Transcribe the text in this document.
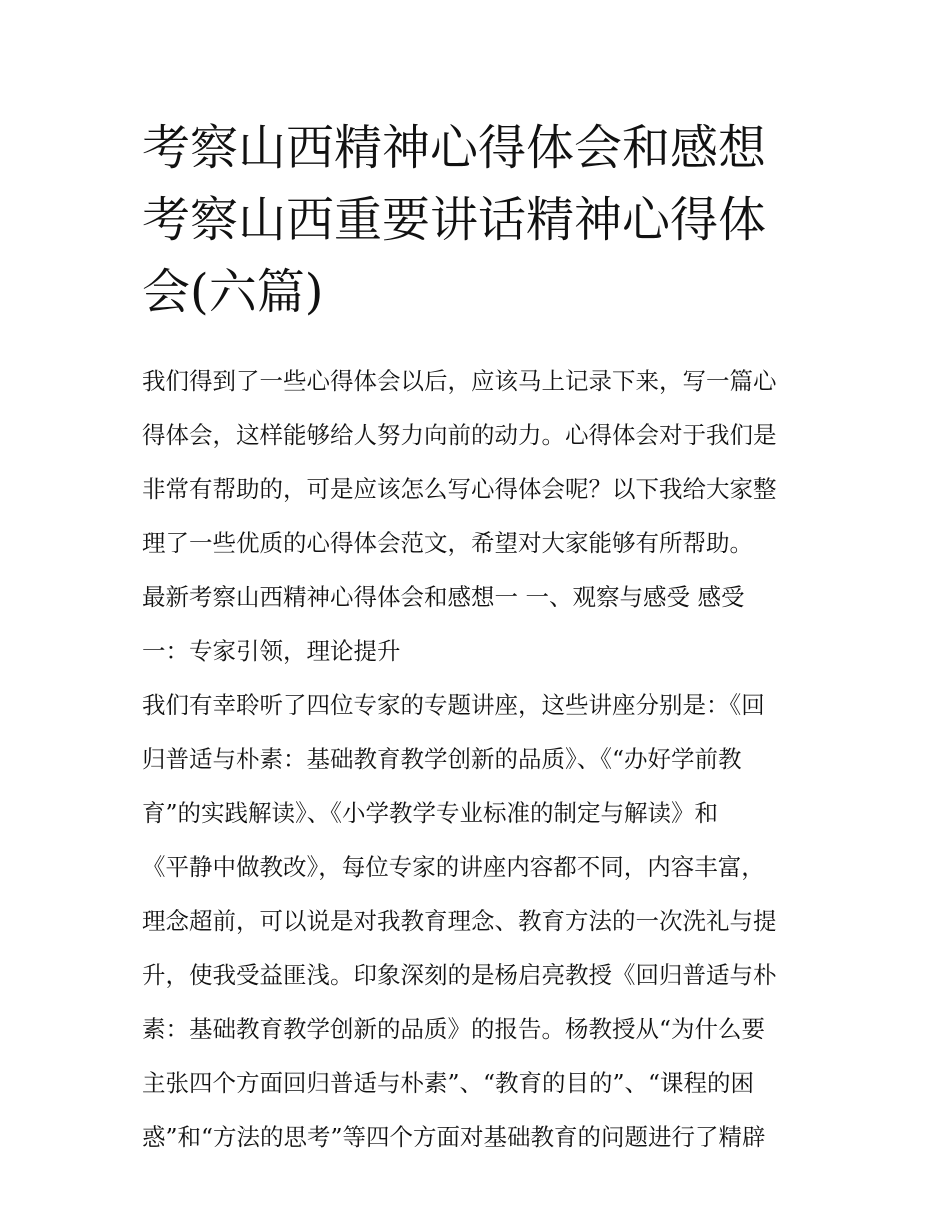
考察山西精神心得体会和感想
考察山西重要讲话精神心得体
会(六篇)
我们得到了一些心得体会以后，应该马上记录下来，写一篇心
得体会，这样能够给人努力向前的动力。心得体会对于我们是
非常有帮助的，可是应该怎么写心得体会呢？以下我给大家整
理了一些优质的心得体会范文，希望对大家能够有所帮助。
最新考察山西精神心得体会和感想一 一、观察与感受 感受
一：专家引领，理论提升
我们有幸聆听了四位专家的专题讲座，这些讲座分别是：《回
归普适与朴素：基础教育教学创新的品质》、《“办好学前教
育”的实践解读》、《小学教学专业标准的制定与解读》和
《平静中做教改》，每位专家的讲座内容都不同，内容丰富，
理念超前，可以说是对我教育理念、教育方法的一次洗礼与提
升，使我受益匪浅。印象深刻的是杨启亮教授《回归普适与朴
素：基础教育教学创新的品质》的报告。杨教授从“为什么要
主张四个方面回归普适与朴素”、“教育的目的”、“课程的困
惑”和“方法的思考”等四个方面对基础教育的问题进行了精辟
